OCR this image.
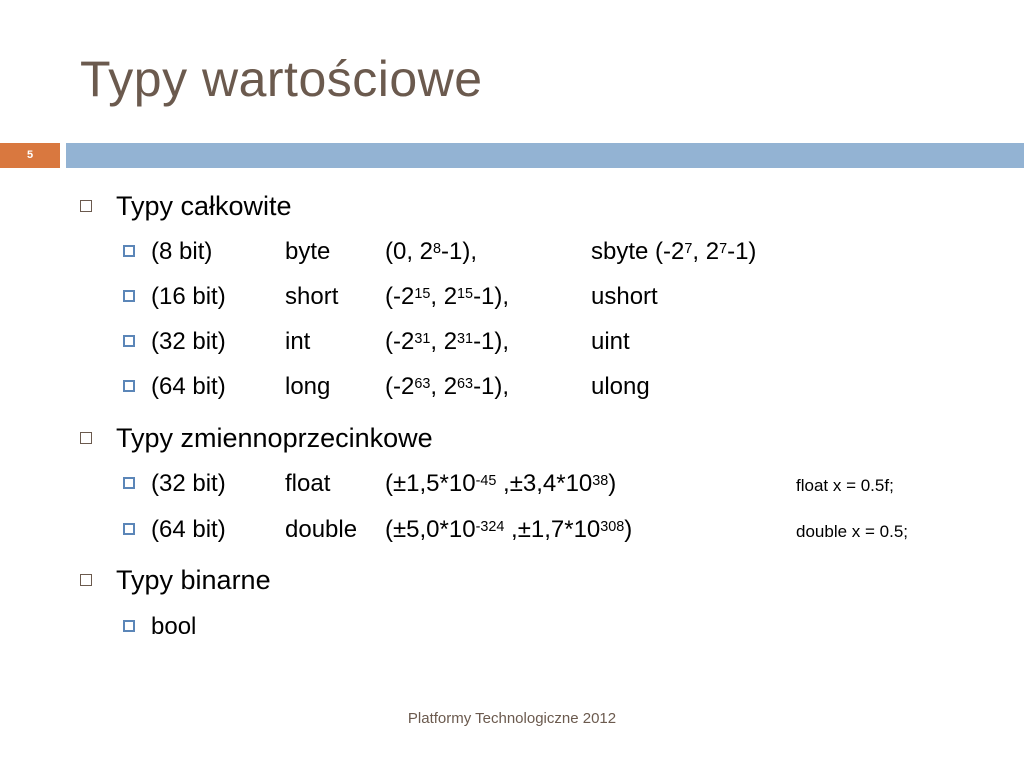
Typy wartościowe
5
Typy całkowite
(8 bit)	byte (0, $2^8-1$),	sbyte ($-2^7$, $2^7-1$)
(16 bit) short ($-2^{15}$, $2^{15}-1$),	ushort
(32 bit) int	($-2^{31}$, $2^{31}-1$),	uint
(64 bit) long ($-2^{63}$, $2^{63}-1$),	ulong
Typy zmiennoprzecinkowe
(32 bit) float ($\pm 1,5*10^{-45}$ $,\pm 3,4*10^{38}$)	float x = 0.5f;
(64 bit) double ($\pm 5,0*10^{-324}$ $,\pm 1,7*10^{308}$)	double x = 0.5;
Typy binarne
bool
Platformy Technologiczne 2012
